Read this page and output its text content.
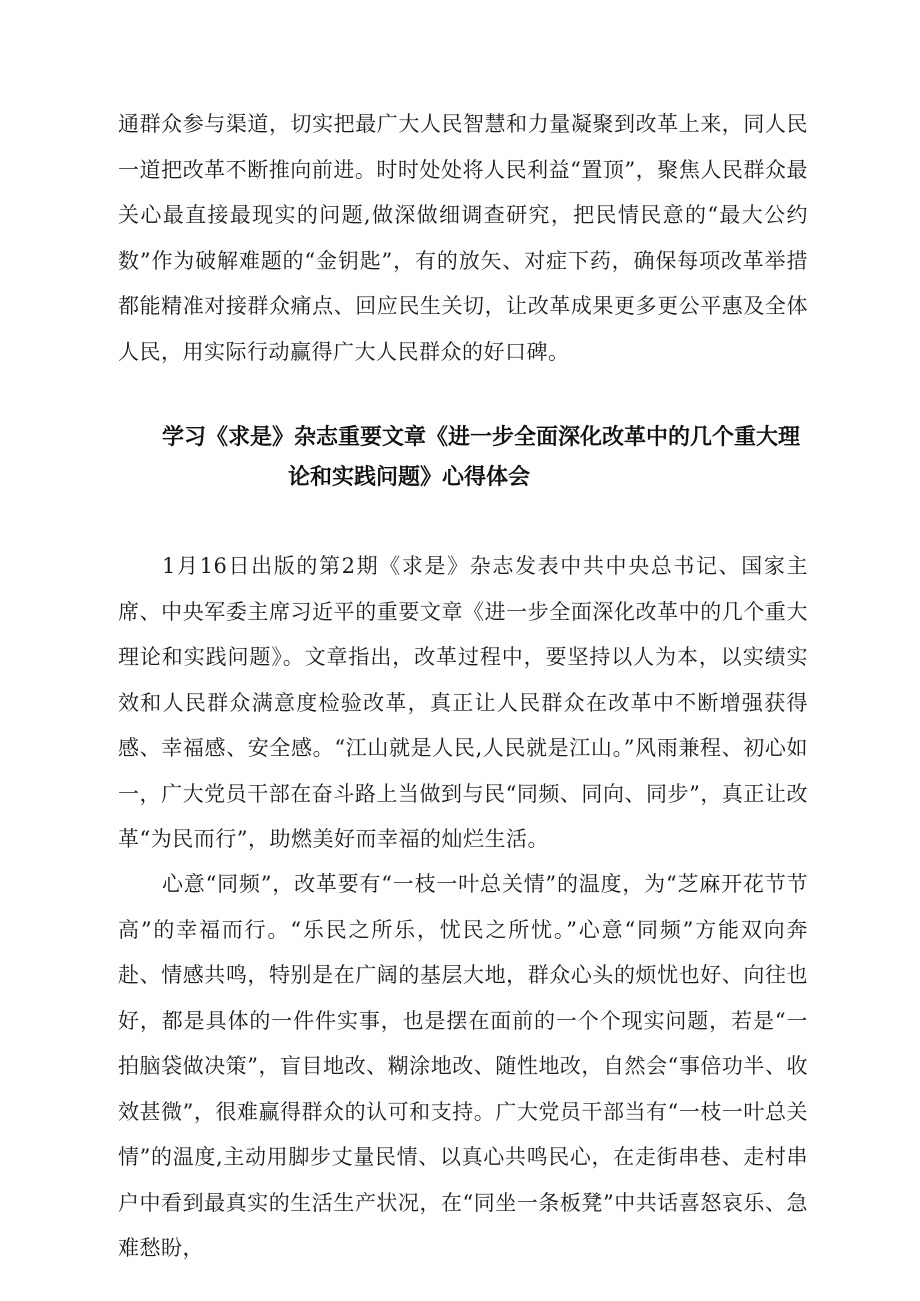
通群众参与渠道，切实把最广大人民智慧和力量凝聚到改革上来，同人民一道把改革不断推向前进。时时处处将人民利益“置顶”，聚焦人民群众最关心最直接最现实的问题,做深做细调查研究，把民情民意的“最大公约数”作为破解难题的“金钥匙”，有的放矢、对症下药，确保每项改革举措都能精准对接群众痛点、回应民生关切，让改革成果更多更公平惠及全体人民，用实际行动赢得广大人民群众的好口碑。

学习《求是》杂志重要文章《进一步全面深化改革中的几个重大理
论和实践问题》心得体会

1月16日出版的第2期《求是》杂志发表中共中央总书记、国家主席、中央军委主席习近平的重要文章《进一步全面深化改革中的几个重大理论和实践问题》。文章指出，改革过程中，要坚持以人为本，以实绩实效和人民群众满意度检验改革，真正让人民群众在改革中不断增强获得感、幸福感、安全感。“江山就是人民,人民就是江山。”风雨兼程、初心如一，广大党员干部在奋斗路上当做到与民“同频、同向、同步”，真正让改革“为民而行”，助燃美好而幸福的灿烂生活。

心意“同频”，改革要有“一枝一叶总关情”的温度，为“芝麻开花节节高”的幸福而行。“乐民之所乐，忧民之所忧。”心意“同频”方能双向奔赴、情感共鸣，特别是在广阔的基层大地，群众心头的烦忧也好、向往也好，都是具体的一件件实事，也是摆在面前的一个个现实问题，若是“一拍脑袋做决策”，盲目地改、糊涂地改、随性地改，自然会“事倍功半、收效甚微”，很难赢得群众的认可和支持。广大党员干部当有“一枝一叶总关情”的温度,主动用脚步丈量民情、以真心共鸣民心，在走街串巷、走村串户中看到最真实的生活生产状况，在“同坐一条板凳”中共话喜怒哀乐、急难愁盼，
